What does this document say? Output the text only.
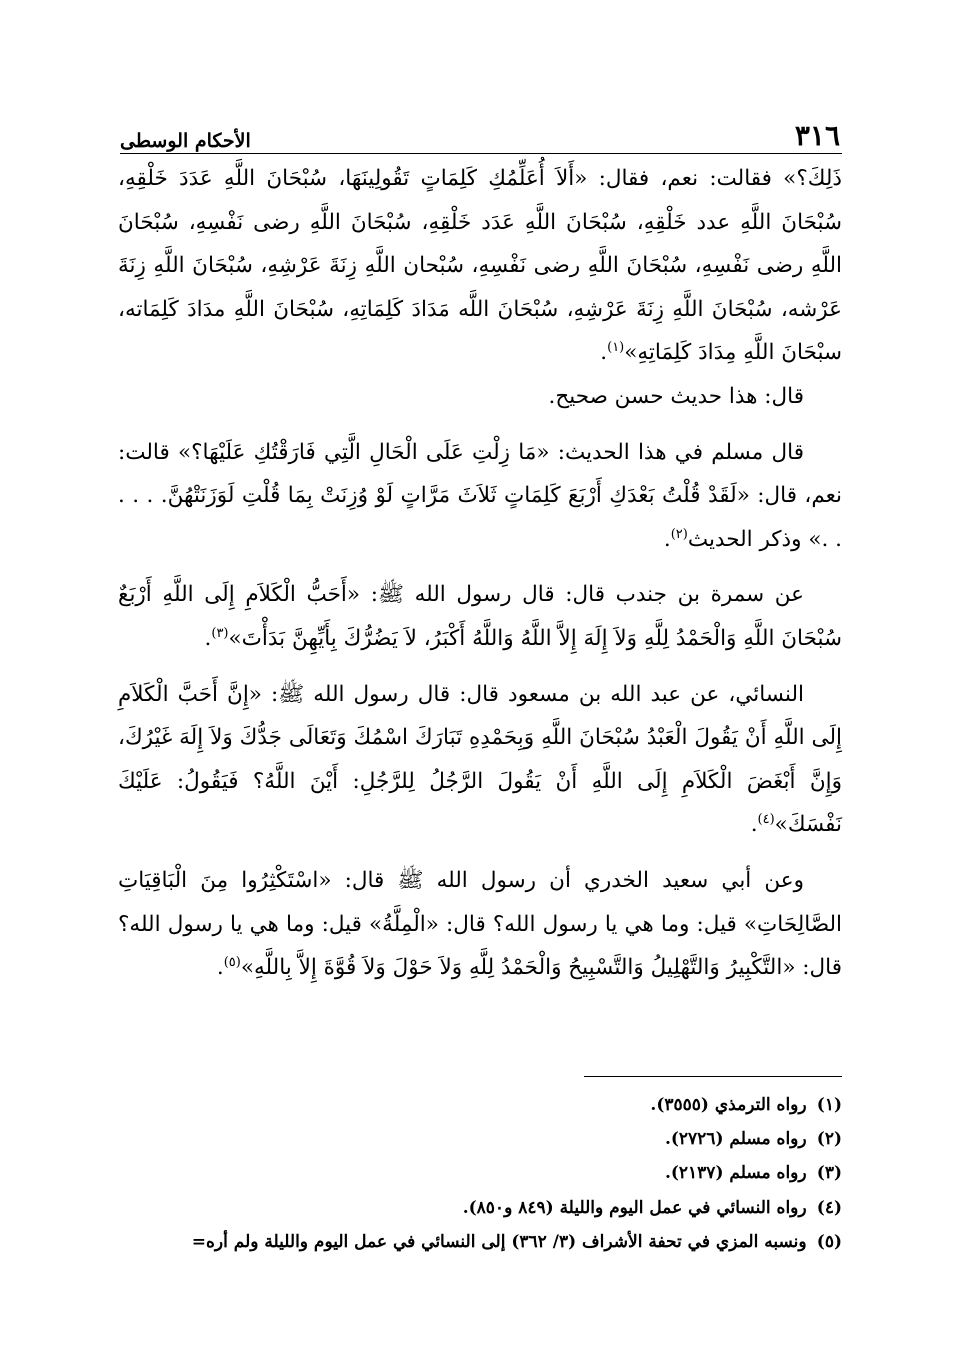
٣١٦
الأحكام الوسطى

ذَلِكَ؟» فقالت: نعم، فقال: «أَلاَ أُعَلِّمُكِ كَلِمَاتٍ تَقُولِينَهَا، سُبْحَانَ اللَّهِ عَدَدَ خَلْقِهِ، سُبْحَانَ اللَّهِ عدد خَلْقِهِ، سُبْحَانَ اللَّهِ عَدَد خَلْقِهِ، سُبْحَانَ اللَّهِ رضى نَفْسِهِ، سُبْحَانَ اللَّهِ رضى نَفْسِهِ، سُبْحَانَ اللَّهِ رضى نَفْسِهِ، سُبْحان اللَّهِ زِنَةَ عَرْشِهِ، سُبْحَانَ اللَّهِ زِنَةَ عَرْشه، سُبْحَانَ اللَّهِ زِنَةَ عَرْشِهِ، سُبْحَانَ اللَّه مَدَادَ كَلِمَاتِهِ، سُبْحَانَ اللَّهِ مدَادَ كَلِمَاته، سبْحَانَ اللَّهِ مِدَادَ كَلِمَاتِهِ»$^{(١)}$.

قال: هذا حديث حسن صحيح.

قال مسلم في هذا الحديث: «مَا زِلْتِ عَلَى الْحَالِ الَّتِي فَارَقْتُكِ عَلَيْهَا؟» قالت: نعم، قال: «لَقَدْ قُلْتُ بَعْدَكِ أَرْبَعَ كَلِمَاتٍ ثَلاَثَ مَرَّاتٍ لَوْ وُزِنَتْ بِمَا قُلْتِ لَوَزَنَتْهُنَّ. . . . . .» وذكر الحديث$^{(٢)}$.

عن سمرة بن جندب قال: قال رسول الله ﷺ: «أَحَبُّ الْكَلاَمِ إِلَى اللَّهِ أَرْبَعٌ سُبْحَانَ اللَّهِ وَالْحَمْدُ لِلَّهِ وَلاَ إِلَهَ إِلاَّ اللَّهُ وَاللَّهُ أَكْبَرُ، لاَ يَضُرُّكَ بِأَيِّهِنَّ بَدَأْتَ»$^{(٣)}$.

النسائي، عن عبد الله بن مسعود قال: قال رسول الله ﷺ: «إِنَّ أَحَبَّ الْكَلاَمِ إِلَى اللَّهِ أَنْ يَقُولَ الْعَبْدُ سُبْحَانَ اللَّهِ وَبِحَمْدِهِ تَبَارَكَ اسْمُكَ وَتَعَالَى جَدُّكَ وَلاَ إِلَهَ غَيْرُكَ، وَإِنَّ أَبْغَضَ الْكَلاَمِ إِلَى اللَّهِ أَنْ يَقُولَ الرَّجُلُ لِلرَّجُلِ: أَيْنَ اللَّهُ؟ فَيَقُولُ: عَلَيْكَ نَفْسَكَ»$^{(٤)}$.

وعن أبي سعيد الخدري أن رسول الله ﷺ قال: «اسْتَكْثِرُوا مِنَ الْبَاقِيَاتِ الصَّالِحَاتِ» قيل: وما هي يا رسول الله؟ قال: «الْمِلَّةُ» قيل: وما هي يا رسول الله؟ قال: «التَّكْبِيرُ وَالتَّهْلِيلُ وَالتَّسْبِيحُ وَالْحَمْدُ لِلَّهِ وَلاَ حَوْلَ وَلاَ قُوَّةَ إِلاَّ بِاللَّهِ»$^{(٥)}$.

(١) رواه الترمذي (٣٥٥٥).
(٢) رواه مسلم (٢٧٢٦).
(٣) رواه مسلم (٢١٣٧).
(٤) رواه النسائي في عمل اليوم والليلة (٨٤٩ و٨٥٠).
(٥) ونسبه المزي في تحفة الأشراف (٣/ ٣٦٢) إلى النسائي في عمل اليوم والليلة ولم أره=
